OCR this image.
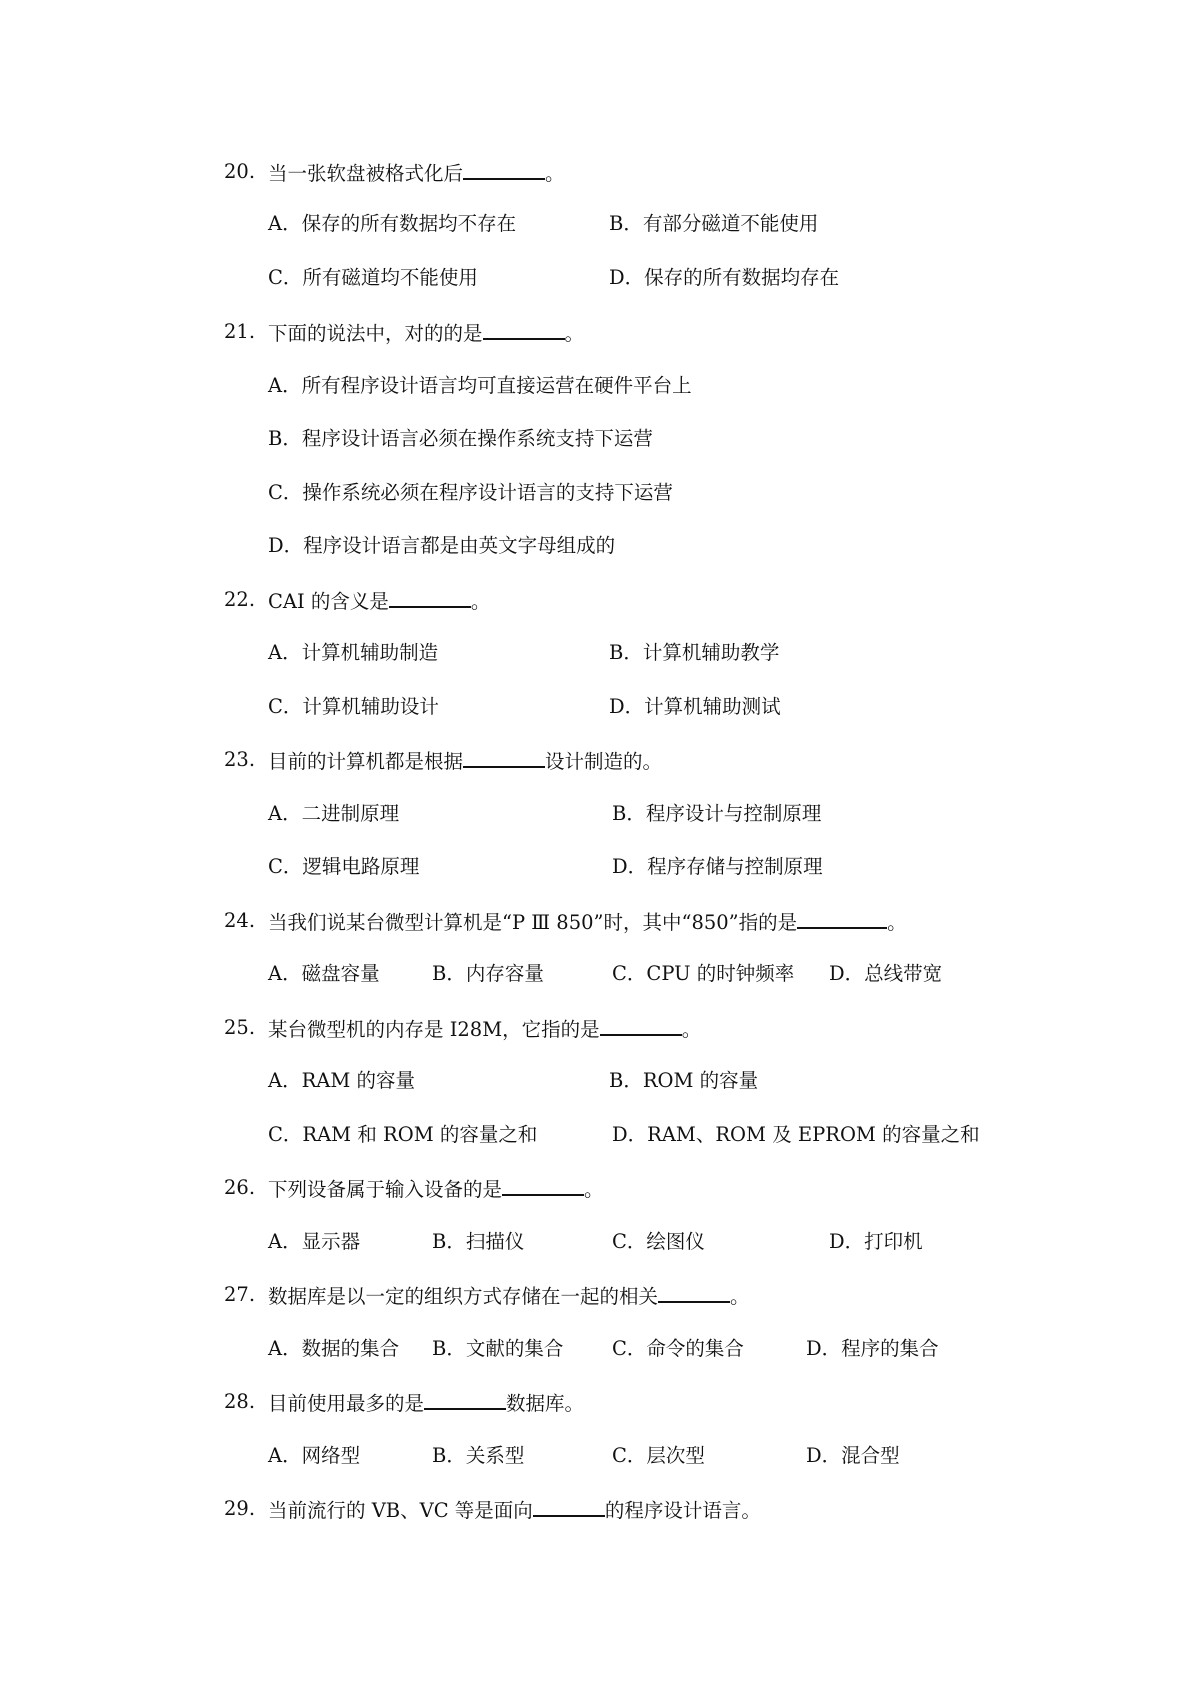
20. 当一张软盘被格式化后	。
A．保存的所有数据均不存在	B．有部分磁道不能使用
C．所有磁道均不能使用	D．保存的所有数据均存在
21. 下面的说法中，对的的是	。
A．所有程序设计语言均可直接运营在硬件平台上
B．程序设计语言必须在操作系统支持下运营
C．操作系统必须在程序设计语言的支持下运营
D．程序设计语言都是由英文字母组成的
22. CAI 的含义是	。
A．计算机辅助制造	B．计算机辅助教学
C．计算机辅助设计	D．计算机辅助测试
23. 目前的计算机都是根据	设计制造的。
A．二进制原理	B．程序设计与控制原理
C．逻辑电路原理	D．程序存储与控制原理
24. 当我们说某台微型计算机是“P Ⅲ 850”时，其中“850”指的是	。
A．磁盘容量	B．内存容量	C．CPU 的时钟频率 D．总线带宽
25. 某台微型机的内存是 I28M，它指的是	。
A．RAM 的容量	B．ROM 的容量
C．RAM 和 ROM 的容量之和	D．RAM、ROM 及 EPROM 的容量之和
26. 下列设备属于输入设备的是	。
A．显示器	B．扫描仪	C．绘图仪	D．打印机
27. 数据库是以一定的组织方式存储在一起的相关	。
A．数据的集合 B．文献的集合 C．命令的集合	D．程序的集合
28. 目前使用最多的是	数据库。
A．网络型	B．关系型	C．层次型	D．混合型
29. 当前流行的 VB、VC 等是面向	的程序设计语言。
